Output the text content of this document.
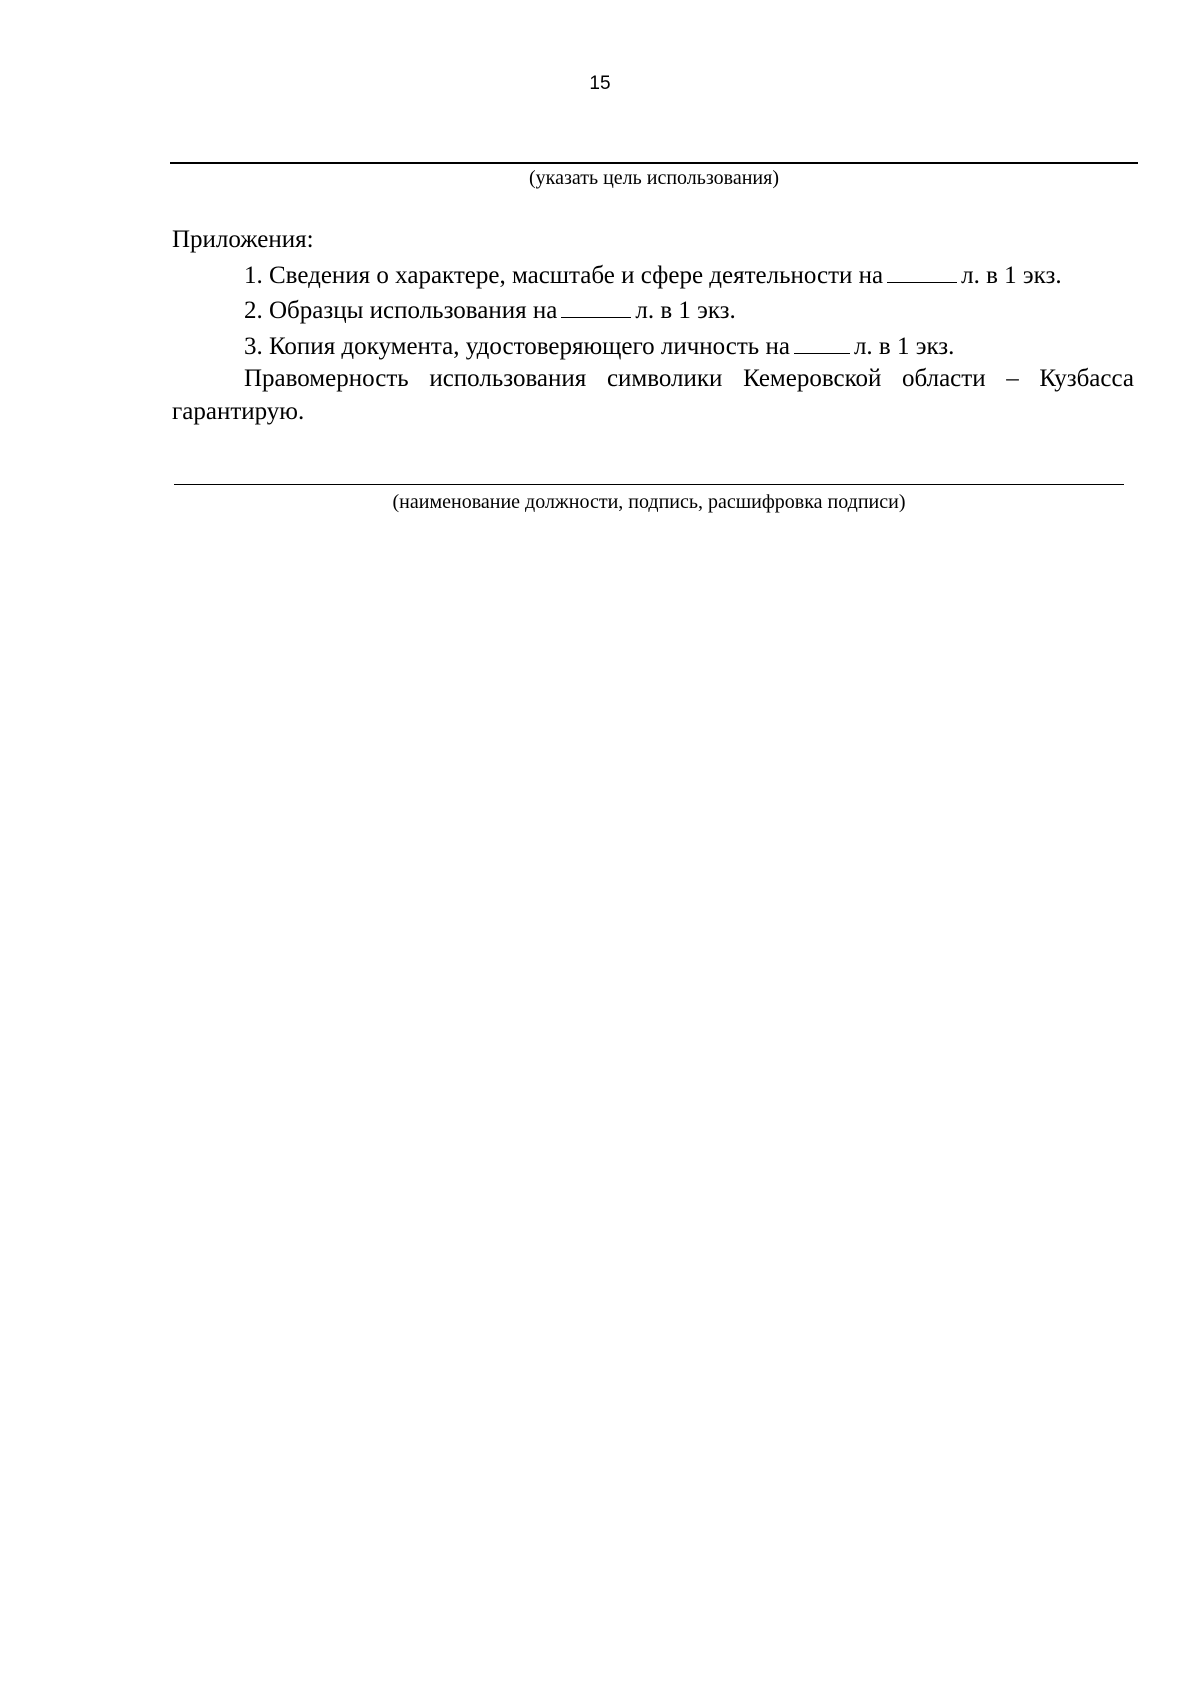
15
(указать цель использования)

Приложения:

1. Сведения о характере, масштабе и сфере деятельности на	л. в 1 экз.

2. Образцы использования на	л. в 1 экз.

3. Копия документа, удостоверяющего личность на	л. в 1 экз.

Правомерность использования символики Кемеровской области – Кузбасса гарантирую.

(наименование должности, подпись, расшифровка подписи)
